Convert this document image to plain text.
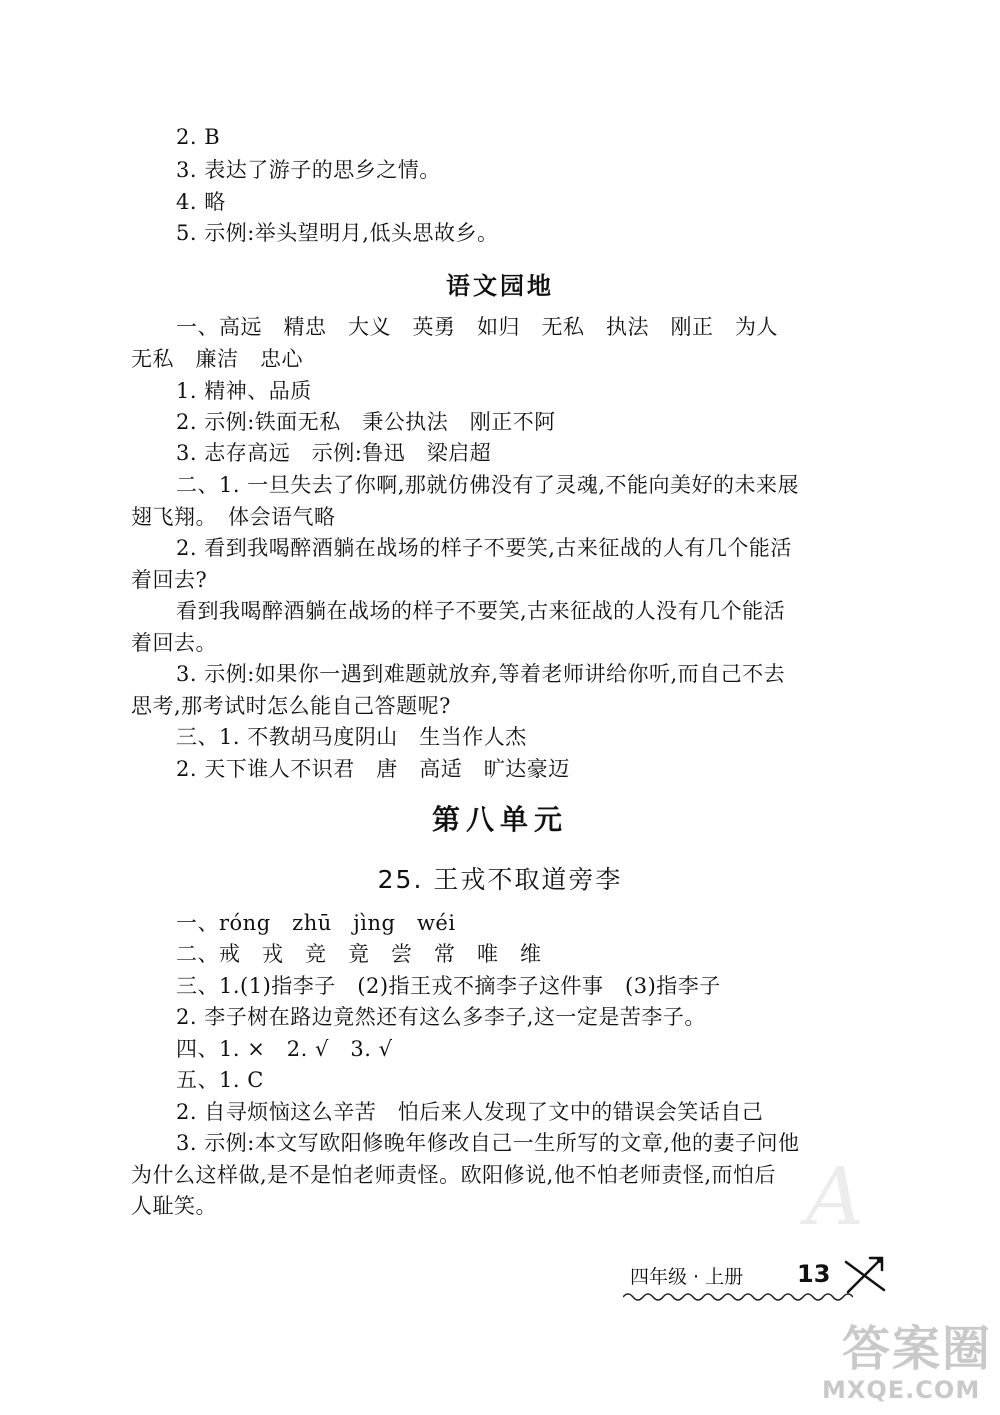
2. B
3. 表达了游子的思乡之情。
4. 略
5. 示例:举头望明月,低头思故乡。
语文园地
一、高远　精忠　大义　英勇　如归　无私　执法　刚正　为人
无私　廉洁　忠心
1. 精神、品质
2. 示例:铁面无私　秉公执法　刚正不阿
3. 志存高远　示例:鲁迅　梁启超
二、1. 一旦失去了你啊,那就仿佛没有了灵魂,不能向美好的未来展
翅飞翔。　体会语气略
2. 看到我喝醉酒躺在战场的样子不要笑,古来征战的人有几个能活
着回去?
看到我喝醉酒躺在战场的样子不要笑,古来征战的人没有几个能活
着回去。
3. 示例:如果你一遇到难题就放弃,等着老师讲给你听,而自己不去
思考,那考试时怎么能自己答题呢?
三、1. 不教胡马度阴山　生当作人杰
2. 天下谁人不识君　唐　高适　旷达豪迈
第八单元
25. 王戎不取道旁李
一、róng　zhū　jìng　wéi
二、戒　戎　竞　竟　尝　常　唯　维
三、1.(1)指李子　(2)指王戎不摘李子这件事　(3)指李子
2. 李子树在路边竟然还有这么多李子,这一定是苦李子。
四、1. ×　2. √　3. √
五、1. C
2. 自寻烦恼这么辛苦　怕后来人发现了文中的错误会笑话自己
3. 示例:本文写欧阳修晚年修改自己一生所写的文章,他的妻子问他
为什么这样做,是不是怕老师责怪。欧阳修说,他不怕老师责怪,而怕后
人耻笑。	A
四年级 · 上册 13
答案圈
MXQE.COM
